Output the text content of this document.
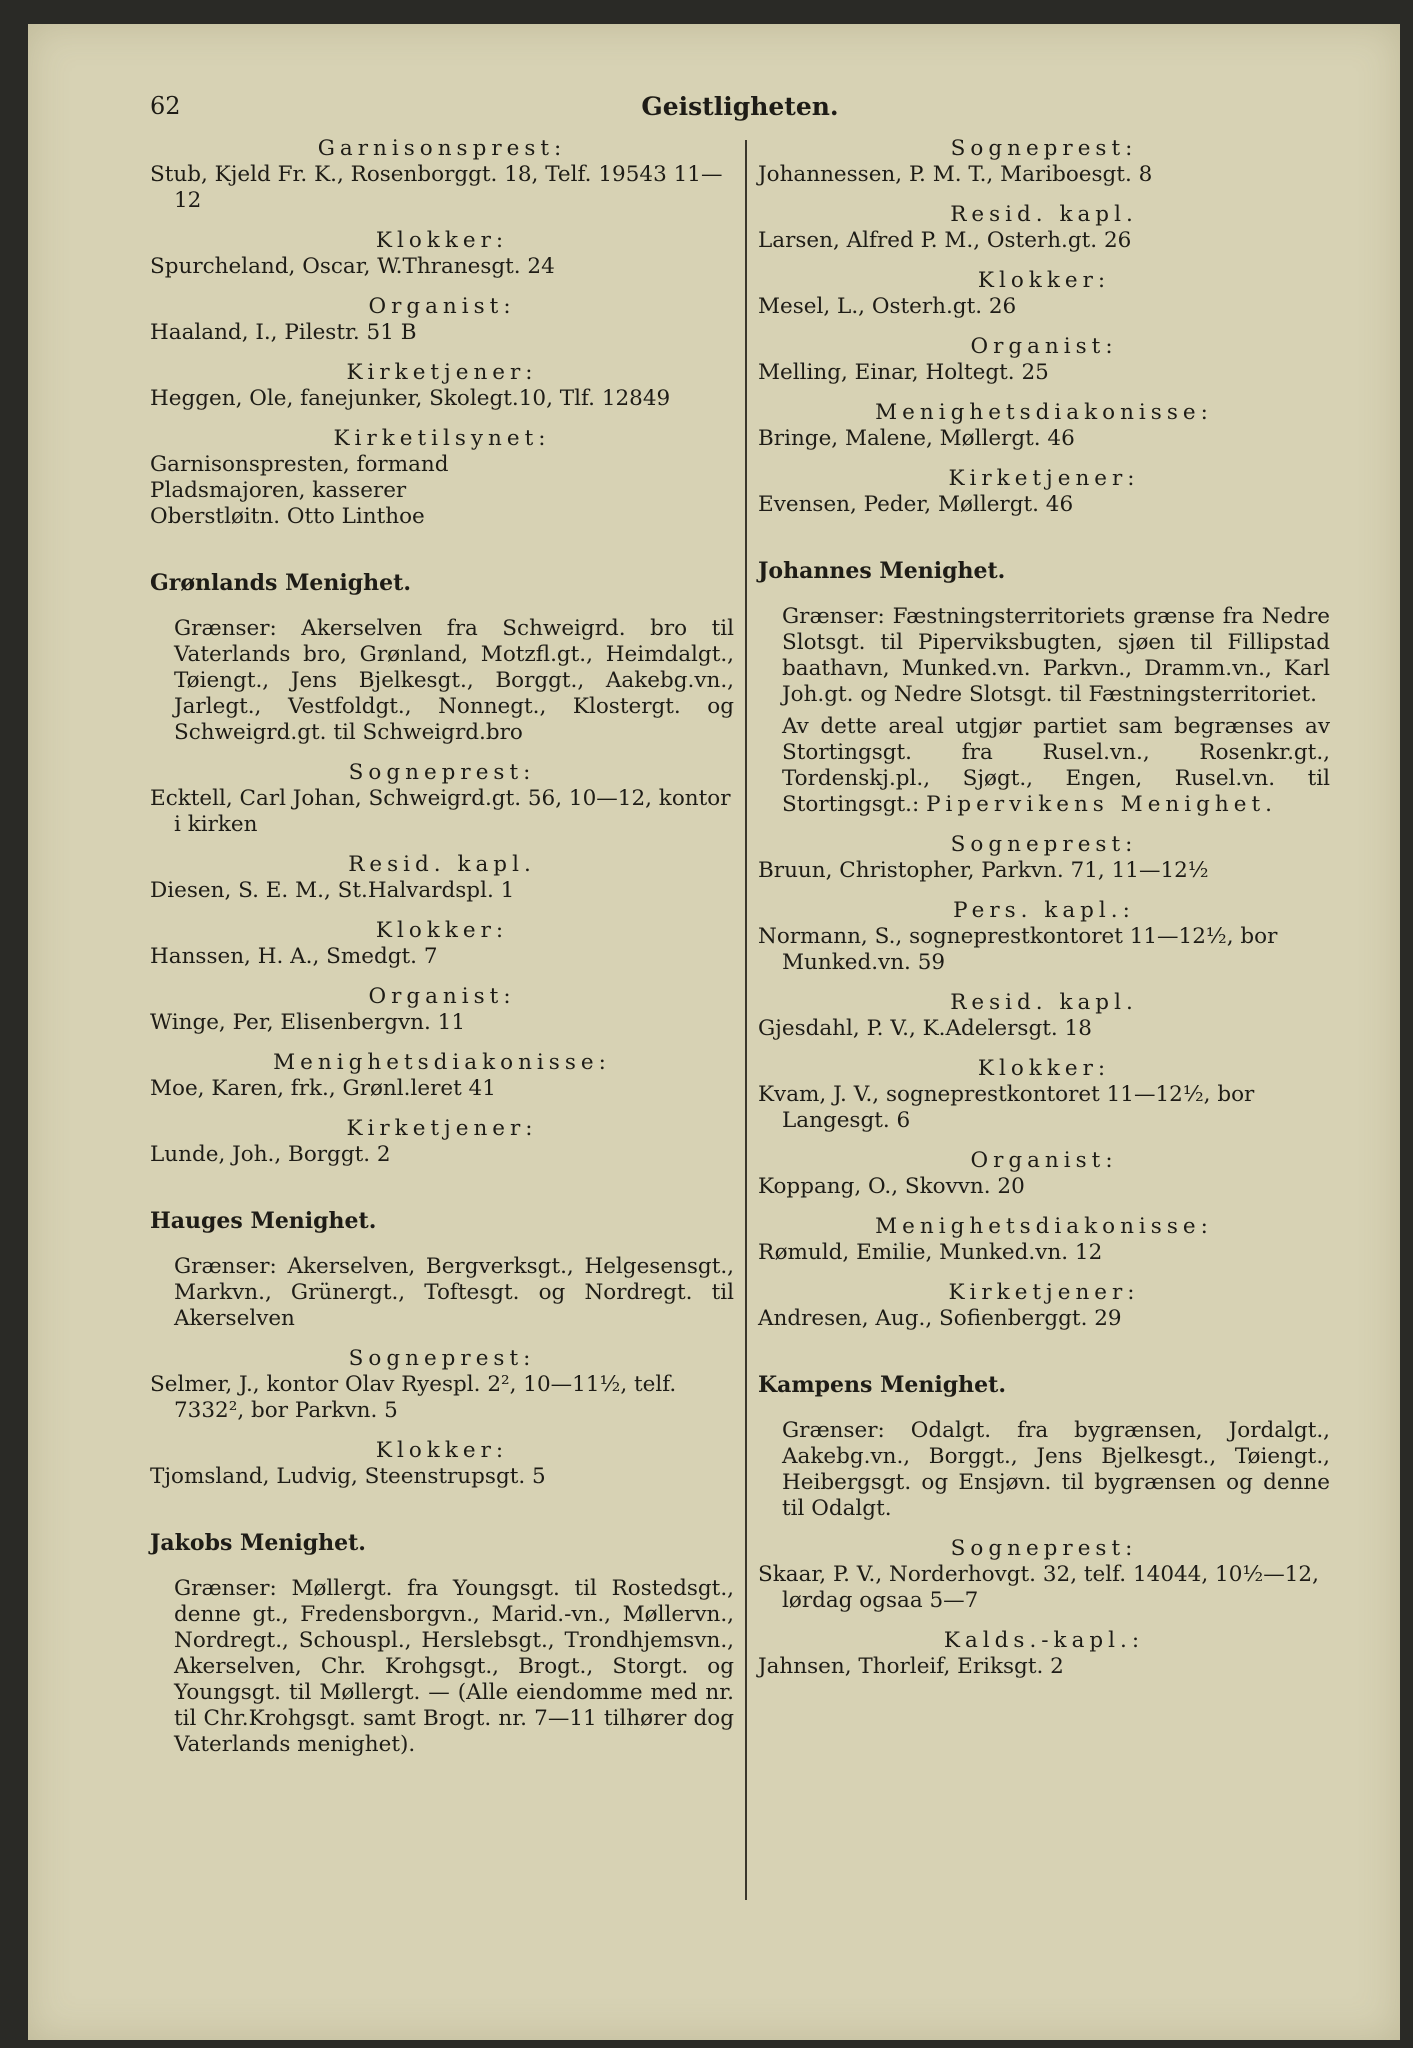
62	Geistligheten.
Garnisonsprest:
Stub, Kjeld Fr. K., Rosenborggt. 18, Telf. 19543 11—12
Klokker:
Spurcheland, Oscar, W.Thranesgt. 24
Organist:
Haaland, I., Pilestr. 51 B
Kirketjener:
Heggen, Ole, fanejunker, Skolegt.10, Tlf. 12849
Kirketilsynet:
Garnisonspresten, formand
Pladsmajoren, kasserer
Oberstløitn. Otto Linthoe
Grønlands Menighet.
Grænser: Akerselven fra Schweigrd. bro til Vaterlands bro, Grønland, Motzfl.gt., Heimdalgt., Tøiengt., Jens Bjelkesgt., Borggt., Aakebg.vn., Jarlegt., Vestfoldgt., Nonnegt., Klostergt. og Schweigrd.gt. til Schweigrd.bro
Sogneprest:
Ecktell, Carl Johan, Schweigrd.gt. 56, 10—12, kontor i kirken
Resid. kapl.
Diesen, S. E. M., St.Halvardspl. 1
Klokker:
Hanssen, H. A., Smedgt. 7
Organist:
Winge, Per, Elisenbergvn. 11
Menighetsdiakonisse:
Moe, Karen, frk., Grønl.leret 41
Kirketjener:
Lunde, Joh., Borggt. 2
Hauges Menighet.
Grænser: Akerselven, Bergverksgt., Helgesensgt., Markvn., Grünergt., Toftesgt. og Nordregt. til Akerselven
Sogneprest:
Selmer, J., kontor Olav Ryespl. 2², 10—11½, telf. 7332², bor Parkvn. 5
Klokker:
Tjomsland, Ludvig, Steenstrupsgt. 5
Jakobs Menighet.
Grænser: Møllergt. fra Youngsgt. til Rostedsgt., denne gt., Fredensborgvn., Marid.-vn., Møllervn., Nordregt., Schouspl., Herslebsgt., Trondhjemsvn., Akerselven, Chr. Krohgsgt., Brogt., Storgt. og Youngsgt. til Møllergt. — (Alle eiendomme med nr. til Chr.Krohgsgt. samt Brogt. nr. 7—11 tilhører dog Vaterlands menighet).
Sogneprest:
Johannessen, P. M. T., Mariboesgt. 8
Resid. kapl.
Larsen, Alfred P. M., Osterh.gt. 26
Klokker:
Mesel, L., Osterh.gt. 26
Organist:
Melling, Einar, Holtegt. 25
Menighetsdiakonisse:
Bringe, Malene, Møllergt. 46
Kirketjener:
Evensen, Peder, Møllergt. 46
Johannes Menighet.
Grænser: Fæstningsterritoriets grænse fra Nedre Slotsgt. til Piperviksbugten, sjøen til Fillipstad baathavn, Munked.vn. Parkvn., Dramm.vn., Karl Joh.gt. og Nedre Slotsgt. til Fæstningsterritoriet.
Av dette areal utgjør partiet sam begrænses av Stortingsgt. fra Rusel.vn., Rosenkr.gt., Tordenskj.pl., Sjøgt., Engen, Rusel.vn. til Stortingsgt.: Pipervikens Menighet.
Sogneprest:
Bruun, Christopher, Parkvn. 71, 11—12½
Pers. kapl.:
Normann, S., sogneprestkontoret 11—12½, bor Munked.vn. 59
Resid. kapl.
Gjesdahl, P. V., K.Adelersgt. 18
Klokker:
Kvam, J. V., sogneprestkontoret 11—12½, bor Langesgt. 6
Organist:
Koppang, O., Skovvn. 20
Menighetsdiakonisse:
Rømuld, Emilie, Munked.vn. 12
Kirketjener:
Andresen, Aug., Sofienberggt. 29
Kampens Menighet.
Grænser: Odalgt. fra bygrænsen, Jordalgt., Aakebg.vn., Borggt., Jens Bjelkesgt., Tøiengt., Heibergsgt. og Ensjøvn. til bygrænsen og denne til Odalgt.
Sogneprest:
Skaar, P. V., Norderhovgt. 32, telf. 14044, 10½—12, lørdag ogsaa 5—7
Kalds.-kapl.:
Jahnsen, Thorleif, Eriksgt. 2
